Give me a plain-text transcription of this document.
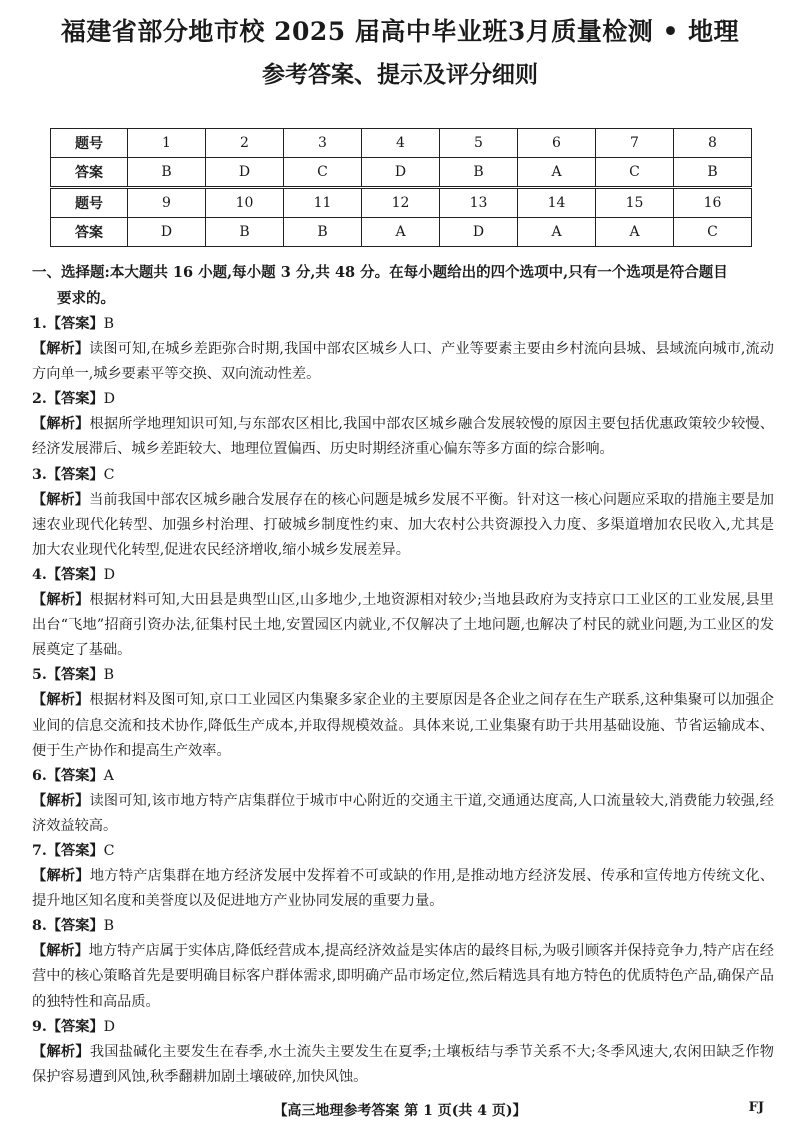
福建省部分地市校 2025 届高中毕业班3月质量检测 • 地理
参考答案、提示及评分细则
题号	1	2	3	4	5	6	7	8
答案	B	D	C	D	B	A	C	B
题号	9	10	11	12	13	14	15	16
答案	D	B	B	A	D	A	A	C
一、选择题:本大题共 16 小题,每小题 3 分,共 48 分。在每小题给出的四个选项中,只有一个选项是符合题目
要求的。
1.【答案】B
【解析】读图可知,在城乡差距弥合时期,我国中部农区城乡人口、产业等要素主要由乡村流向县城、县域流向城市,流动方向单一,城乡要素平等交换、双向流动性差。
2.【答案】D
【解析】根据所学地理知识可知,与东部农区相比,我国中部农区城乡融合发展较慢的原因主要包括优惠政策较少较慢、经济发展滞后、城乡差距较大、地理位置偏西、历史时期经济重心偏东等多方面的综合影响。
3.【答案】C
【解析】当前我国中部农区城乡融合发展存在的核心问题是城乡发展不平衡。针对这一核心问题应采取的措施主要是加速农业现代化转型、加强乡村治理、打破城乡制度性约束、加大农村公共资源投入力度、多渠道增加农民收入,尤其是加大农业现代化转型,促进农民经济增收,缩小城乡发展差异。
4.【答案】D
【解析】根据材料可知,大田县是典型山区,山多地少,土地资源相对较少;当地县政府为支持京口工业区的工业发展,县里出台“飞地”招商引资办法,征集村民土地,安置园区内就业,不仅解决了土地问题,也解决了村民的就业问题,为工业区的发展奠定了基础。
5.【答案】B
【解析】根据材料及图可知,京口工业园区内集聚多家企业的主要原因是各企业之间存在生产联系,这种集聚可以加强企业间的信息交流和技术协作,降低生产成本,并取得规模效益。具体来说,工业集聚有助于共用基础设施、节省运输成本、便于生产协作和提高生产效率。
6.【答案】A
【解析】读图可知,该市地方特产店集群位于城市中心附近的交通主干道,交通通达度高,人口流量较大,消费能力较强,经济效益较高。
7.【答案】C
【解析】地方特产店集群在地方经济发展中发挥着不可或缺的作用,是推动地方经济发展、传承和宣传地方传统文化、提升地区知名度和美誉度以及促进地方产业协同发展的重要力量。
8.【答案】B
【解析】地方特产店属于实体店,降低经营成本,提高经济效益是实体店的最终目标,为吸引顾客并保持竞争力,特产店在经营中的核心策略首先是要明确目标客户群体需求,即明确产品市场定位,然后精选具有地方特色的优质特色产品,确保产品的独特性和高品质。
【高三地理参考答案 第 1 页(共 4 页)】	FJ
9.【答案】D
【解析】我国盐碱化主要发生在春季,水土流失主要发生在夏季;土壤板结与季节关系不大;冬季风速大,农闲田缺乏作物保护容易遭到风蚀,秋季翻耕加剧土壤破碎,加快风蚀。
